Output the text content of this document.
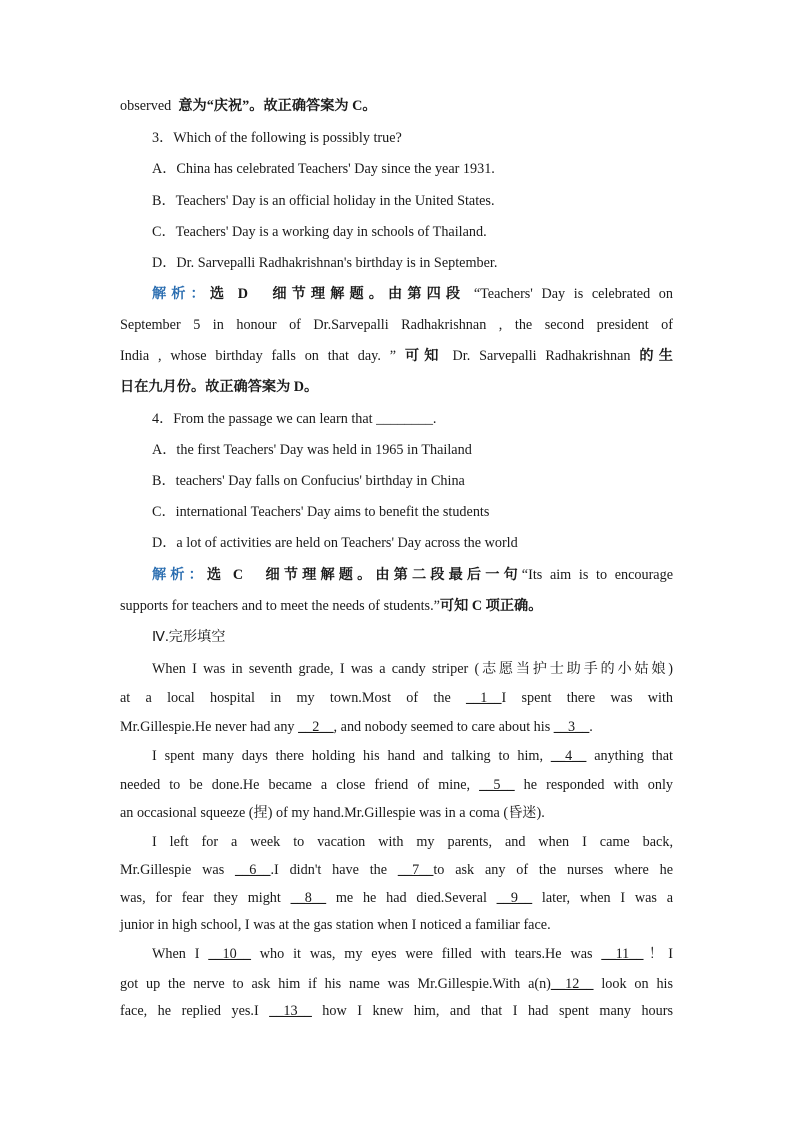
observed 意为“庆祝”。故正确答案为 C。
3．Which of the following is possibly true?
A．China has celebrated Teachers' Day since the year 1931.
B．Teachers' Day is an official holiday in the United States.
C．Teachers' Day is a working day in schools of Thailand.
D．Dr. Sarvepalli Radhakrishnan's birthday is in September.
解析：选 D　细节理解题。由第四段 “Teachers' Day is celebrated on
September 5 in honour of Dr.Sarvepalli Radhakrishnan , the second president of
India , whose birthday falls on that day. ” 可知 Dr. Sarvepalli Radhakrishnan 的生
日在九月份。故正确答案为 D。
4．From the passage we can learn that ________.
A．the first Teachers' Day was held in 1965 in Thailand
B．teachers' Day falls on Confucius' birthday in China
C．international Teachers' Day aims to benefit the students
D．a lot of activities are held on Teachers' Day across the world
解析：选 C　细节理解题。由第二段最后一句“Its aim is to encourage
supports for teachers and to meet the needs of students.”可知 C 项正确。
Ⅳ.完形填空
When I was in seventh grade, I was a candy striper (志愿当护士助手的小姑娘)
at a local hospital in my town.Most of the __1__I spent there was with
Mr.Gillespie.He never had any __2__, and nobody seemed to care about his __3__.
I spent many days there holding his hand and talking to him, __4__ anything that
needed to be done.He became a close friend of mine, __5__ he responded with only
an occasional squeeze (捏) of my hand.Mr.Gillespie was in a coma (昏迷).
I left for a week to vacation with my parents, and when I came back,
Mr.Gillespie was __6__.I didn't have the __7__to ask any of the nurses where he
was, for fear they might __8__ me he had died.Several __9__ later, when I was a
junior in high school, I was at the gas station when I noticed a familiar face.
When I __10__ who it was, my eyes were filled with tears.He was __11__！I
got up the nerve to ask him if his name was Mr.Gillespie.With a(n)__12__ look on his
face, he replied yes.I __13__ how I knew him, and that I had spent many hours
